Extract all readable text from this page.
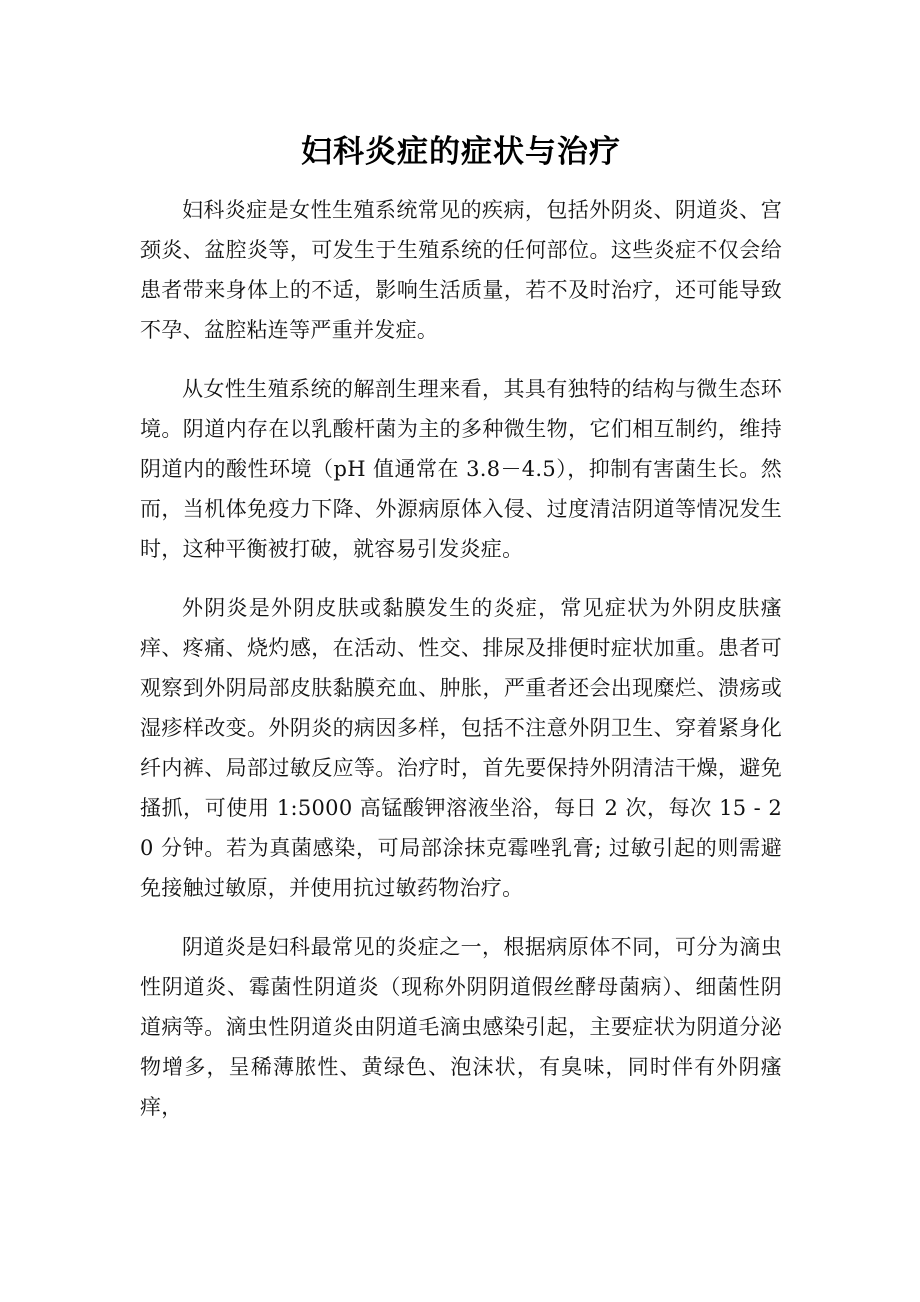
妇科炎症的症状与治疗

妇科炎症是女性生殖系统常见的疾病，包括外阴炎、阴道炎、宫颈炎、盆腔炎等，可发生于生殖系统的任何部位。这些炎症不仅会给患者带来身体上的不适，影响生活质量，若不及时治疗，还可能导致不孕、盆腔粘连等严重并发症。

从女性生殖系统的解剖生理来看，其具有独特的结构与微生态环境。阴道内存在以乳酸杆菌为主的多种微生物，它们相互制约，维持阴道内的酸性环境（pH 值通常在 3.8－4.5），抑制有害菌生长。然而，当机体免疫力下降、外源病原体入侵、过度清洁阴道等情况发生时，这种平衡被打破，就容易引发炎症。

外阴炎是外阴皮肤或黏膜发生的炎症，常见症状为外阴皮肤瘙痒、疼痛、烧灼感，在活动、性交、排尿及排便时症状加重。患者可观察到外阴局部皮肤黏膜充血、肿胀，严重者还会出现糜烂、溃疡或湿疹样改变。外阴炎的病因多样，包括不注意外阴卫生、穿着紧身化纤内裤、局部过敏反应等。治疗时，首先要保持外阴清洁干燥，避免搔抓，可使用 1:5000 高锰酸钾溶液坐浴，每日 2 次，每次 15 - 20 分钟。若为真菌感染，可局部涂抹克霉唑乳膏; 过敏引起的则需避免接触过敏原，并使用抗过敏药物治疗。

阴道炎是妇科最常见的炎症之一，根据病原体不同，可分为滴虫性阴道炎、霉菌性阴道炎（现称外阴阴道假丝酵母菌病）、细菌性阴道病等。滴虫性阴道炎由阴道毛滴虫感染引起，主要症状为阴道分泌物增多，呈稀薄脓性、黄绿色、泡沫状，有臭味，同时伴有外阴瘙痒，
